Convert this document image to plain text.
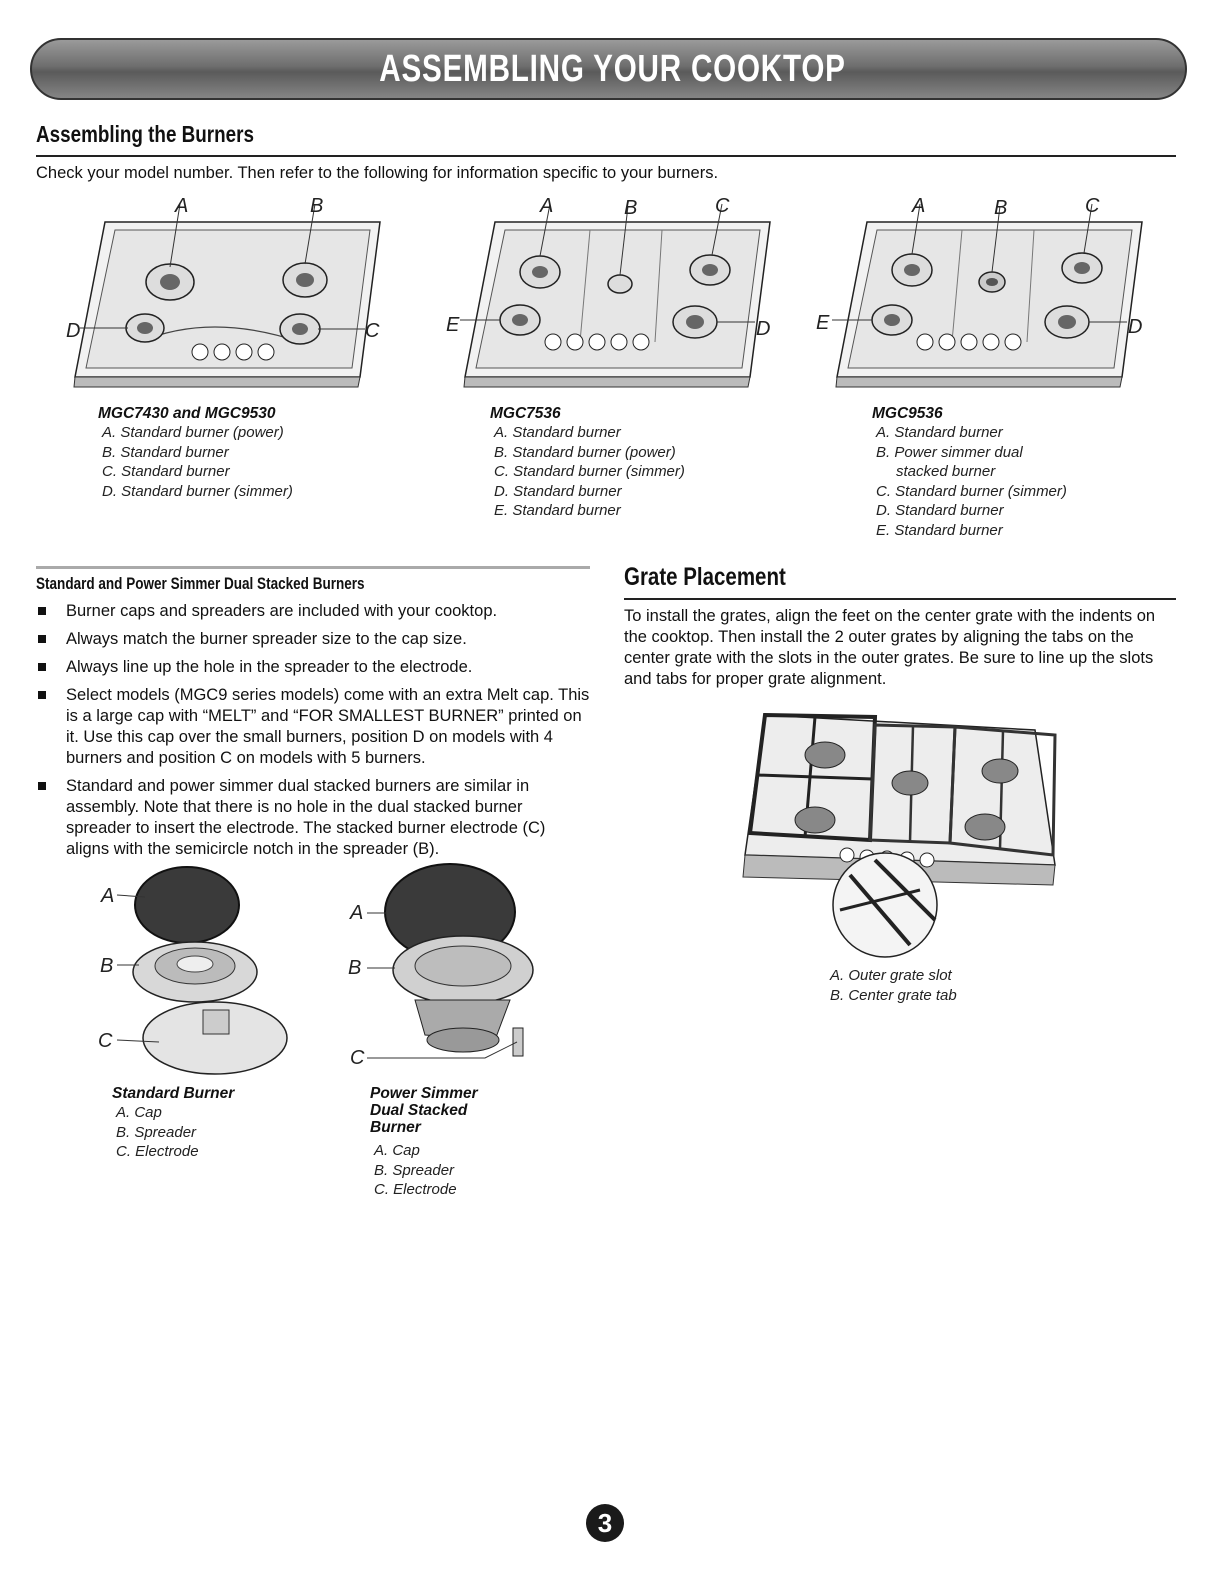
ASSEMBLING YOUR COOKTOP
Assembling the Burners
Check your model number. Then refer to the following for information specific to your burners.
A	B
C
D
A	B	C
D
E
A	B	C
D
E
MGC7430 and MGC9530
A. Standard burner (power)
B. Standard burner
C. Standard burner
D. Standard burner (simmer)
MGC7536
A. Standard burner
B. Standard burner (power)
C. Standard burner (simmer)
D. Standard burner
E. Standard burner
MGC9536
A. Standard burner
B. Power simmer dual
stacked burner
C. Standard burner (simmer)
D. Standard burner
E. Standard burner
Standard and Power Simmer Dual Stacked Burners
Burner caps and spreaders are included with your cooktop.
Always match the burner spreader size to the cap size.
Always line up the hole in the spreader to the electrode.
Select models (MGC9 series models) come with an extra Melt cap. This is a large cap with “MELT” and “FOR SMALLEST BURNER” printed on it. Use this cap over the small burners, position D on models with 4 burners and position C on models with 5 burners.
Standard and power simmer dual stacked burners are similar in assembly. Note that there is no hole in the dual stacked burner spreader to insert the electrode. The stacked burner electrode (C) aligns with the semicircle notch in the spreader (B).
A
B
C
Standard Burner
A. Cap
B. Spreader
C. Electrode
A
B
C
Power Simmer
Dual Stacked
Burner
A. Cap
B. Spreader
C. Electrode
Grate Placement
To install the grates, align the feet on the center grate with the indents on the cooktop. Then install the 2 outer grates by aligning the tabs on the center grate with the slots in the outer grates. Be sure to line up the slots and tabs for proper grate alignment.
A. Outer grate slot
B. Center grate tab
3
